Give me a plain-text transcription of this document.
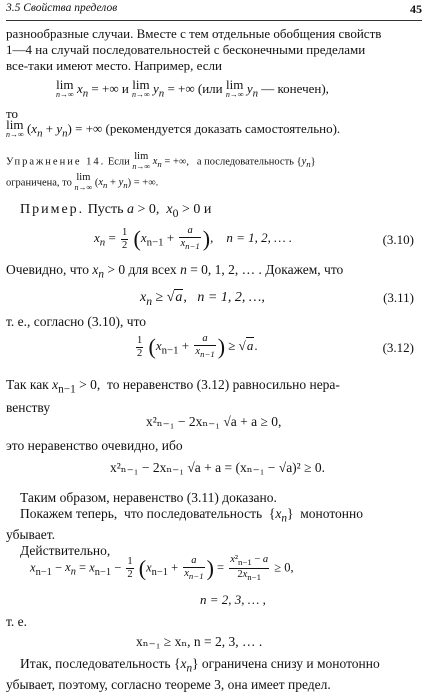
3.5 Свойства пределов	45
разнообразные случаи. Вместе с тем отдельные обобщения свойств
1—4 на случай последовательностей с бесконечными пределами
все-таки имеют место. Например, если
lim
n→∞ $x_n$ = +∞ и lim
n→∞ $y_n$ = +∞ (или lim
n→∞ $y_n$ — конечен),
то
lim
n→∞ $(x_n + y_n)$ = +∞ (рекомендуется доказать самостоятельно).
Упражнение 14. Если lim
n→∞ $x_n$ = +∞,   а последовательность $\{y_n\}$
ограничена, то lim
n→∞ $(x_n + y_n)$ = +∞.
Пример. Пусть a > 0,  $x_0 > 0$ и
$x_n = \frac{1}{2} (x_{n-1} + \frac{a}{x_{n-1}}$ ),    n = 1, 2, … .	(3.10)
Очевидно, что $x_n > 0$ для всех n = 0, 1, 2, … . Докажем, что
$x_n \ge √a$,   n = 1, 2, …,	(3.11)
т. е., согласно (3.10), что
$\frac{1}{2} (x_{n-1} + \frac{a}{x_{n-1}}$ ) ≥ √a.	(3.12)
Так как $x_{n-1} > 0$,  то неравенство (3.12) равносильно нера-
венству
x²ₙ₋₁ − 2xₙ₋₁ √a + a ≥ 0,
это неравенство очевидно, ибо
x²ₙ₋₁ − 2xₙ₋₁ √a + a = (xₙ₋₁ − √a)² ≥ 0.
Таким образом, неравенство (3.11) доказано.
Покажем теперь,  что последовательность  $\{x_n\}$  монотонно
убывает.
Действительно,
$x_{n-1} - x_n = x_{n-1} - \frac{1}{2} (x_{n-1} + \frac{a}{x_{n-1}}$ ) = $\frac{x^2_{n-1} - a}{2x_{n-1}} \ge 0$,
n = 2, 3, … ,
т. е.
xₙ₋₁ ≥ xₙ, n = 2, 3, … .
Итак, последовательность $\{x_n\}$ ограничена снизу и монотонно
убывает, поэтому, согласно теореме 3, она имеет предел.
